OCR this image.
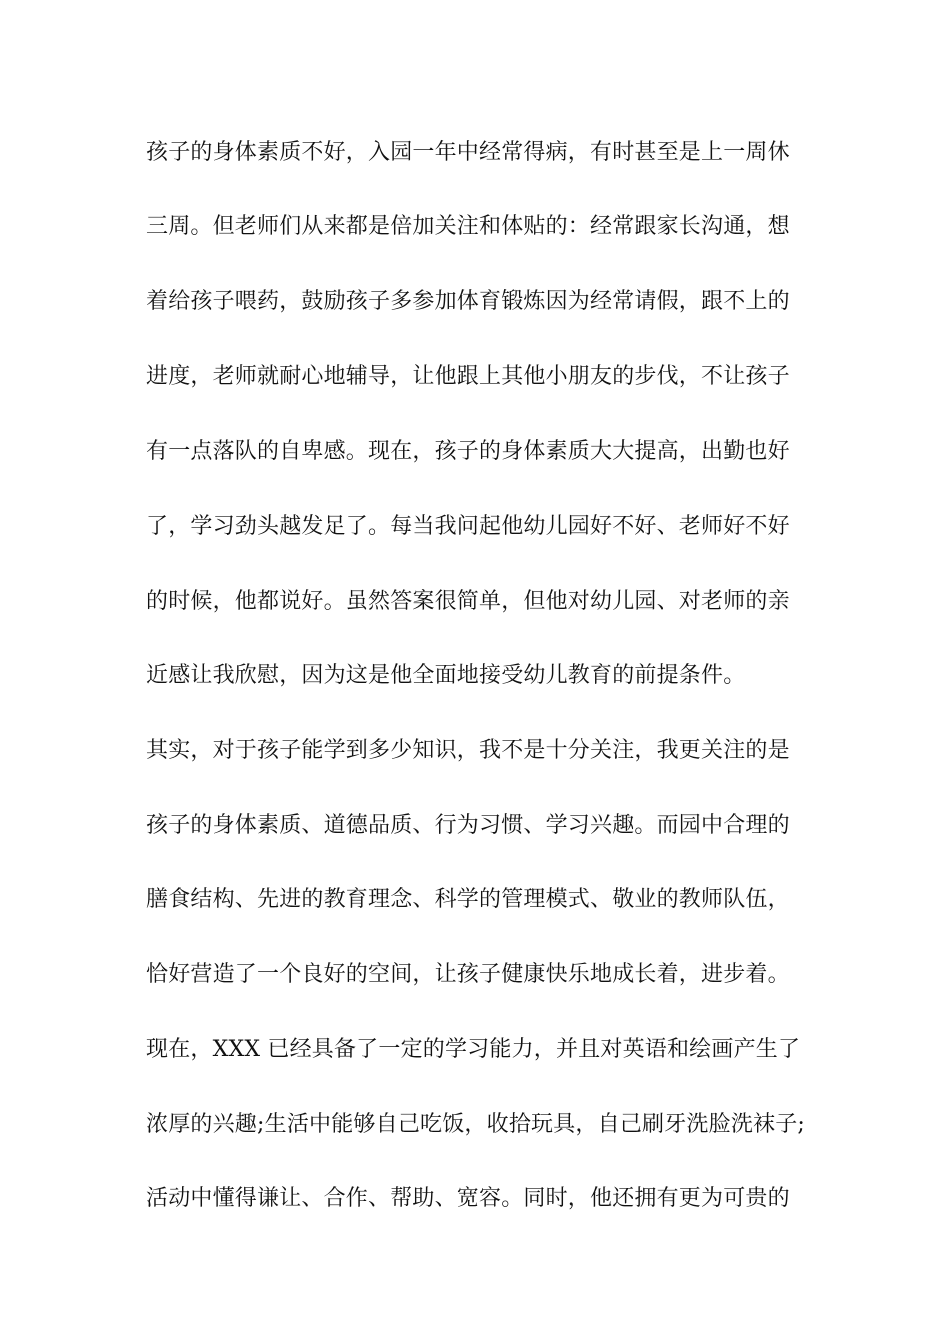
孩子的身体素质不好，入园一年中经常得病，有时甚至是上一周休
三周。但老师们从来都是倍加关注和体贴的：经常跟家长沟通，想
着给孩子喂药，鼓励孩子多参加体育锻炼因为经常请假，跟不上的
进度，老师就耐心地辅导，让他跟上其他小朋友的步伐，不让孩子
有一点落队的自卑感。现在，孩子的身体素质大大提高，出勤也好
了，学习劲头越发足了。每当我问起他幼儿园好不好、老师好不好
的时候，他都说好。虽然答案很简单，但他对幼儿园、对老师的亲
近感让我欣慰，因为这是他全面地接受幼儿教育的前提条件。
其实，对于孩子能学到多少知识，我不是十分关注，我更关注的是
孩子的身体素质、道德品质、行为习惯、学习兴趣。而园中合理的
膳食结构、先进的教育理念、科学的管理模式、敬业的教师队伍，
恰好营造了一个良好的空间，让孩子健康快乐地成长着，进步着。
现在，XXX 已经具备了一定的学习能力，并且对英语和绘画产生了
浓厚的兴趣;生活中能够自己吃饭，收拾玩具，自己刷牙洗脸洗袜子;
活动中懂得谦让、合作、帮助、宽容。同时，他还拥有更为可贵的
